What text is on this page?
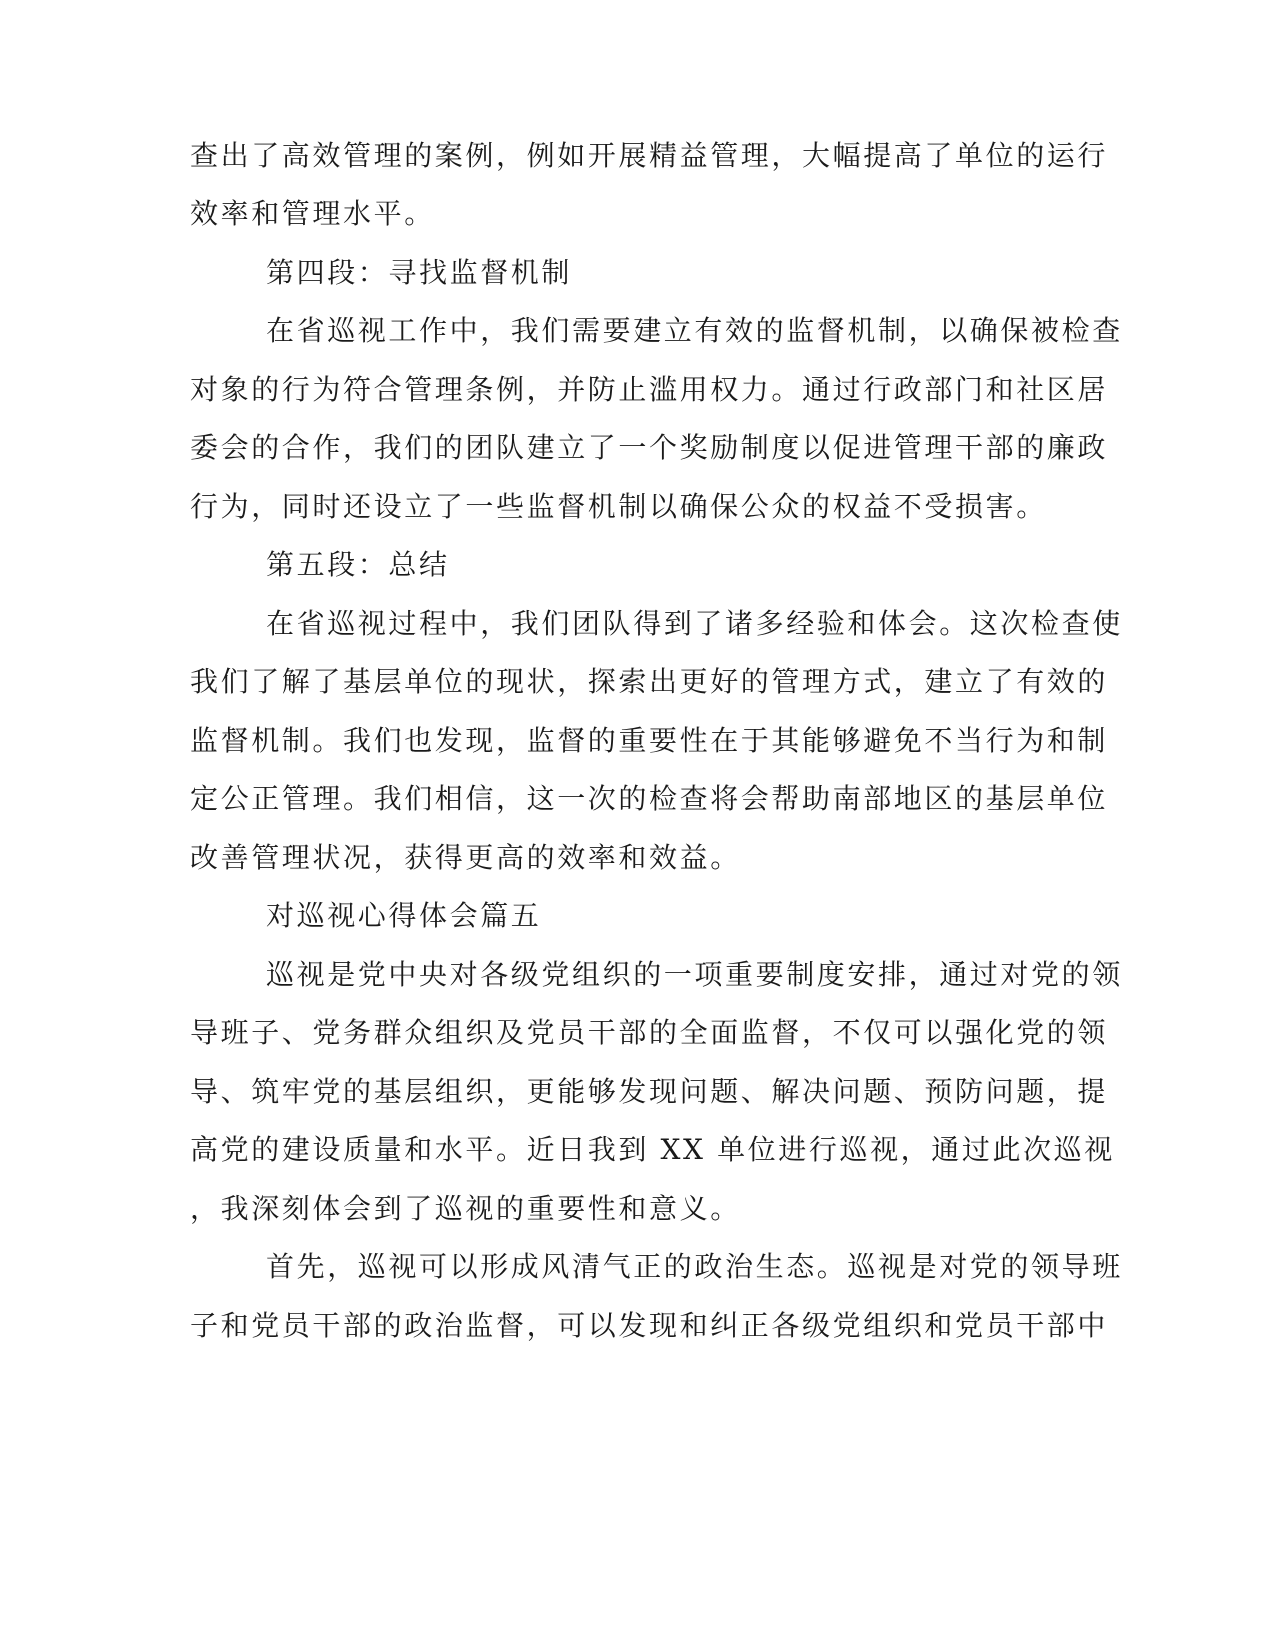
查出了高效管理的案例，例如开展精益管理，大幅提高了单位的运行
效率和管理水平。
第四段：寻找监督机制
在省巡视工作中，我们需要建立有效的监督机制，以确保被检查
对象的行为符合管理条例，并防止滥用权力。通过行政部门和社区居
委会的合作，我们的团队建立了一个奖励制度以促进管理干部的廉政
行为，同时还设立了一些监督机制以确保公众的权益不受损害。
第五段：总结
在省巡视过程中，我们团队得到了诸多经验和体会。这次检查使
我们了解了基层单位的现状，探索出更好的管理方式，建立了有效的
监督机制。我们也发现，监督的重要性在于其能够避免不当行为和制
定公正管理。我们相信，这一次的检查将会帮助南部地区的基层单位
改善管理状况，获得更高的效率和效益。
对巡视心得体会篇五
巡视是党中央对各级党组织的一项重要制度安排，通过对党的领
导班子、党务群众组织及党员干部的全面监督，不仅可以强化党的领
导、筑牢党的基层组织，更能够发现问题、解决问题、预防问题，提
高党的建设质量和水平。近日我到 XX 单位进行巡视，通过此次巡视
，我深刻体会到了巡视的重要性和意义。
首先，巡视可以形成风清气正的政治生态。巡视是对党的领导班
子和党员干部的政治监督，可以发现和纠正各级党组织和党员干部中
